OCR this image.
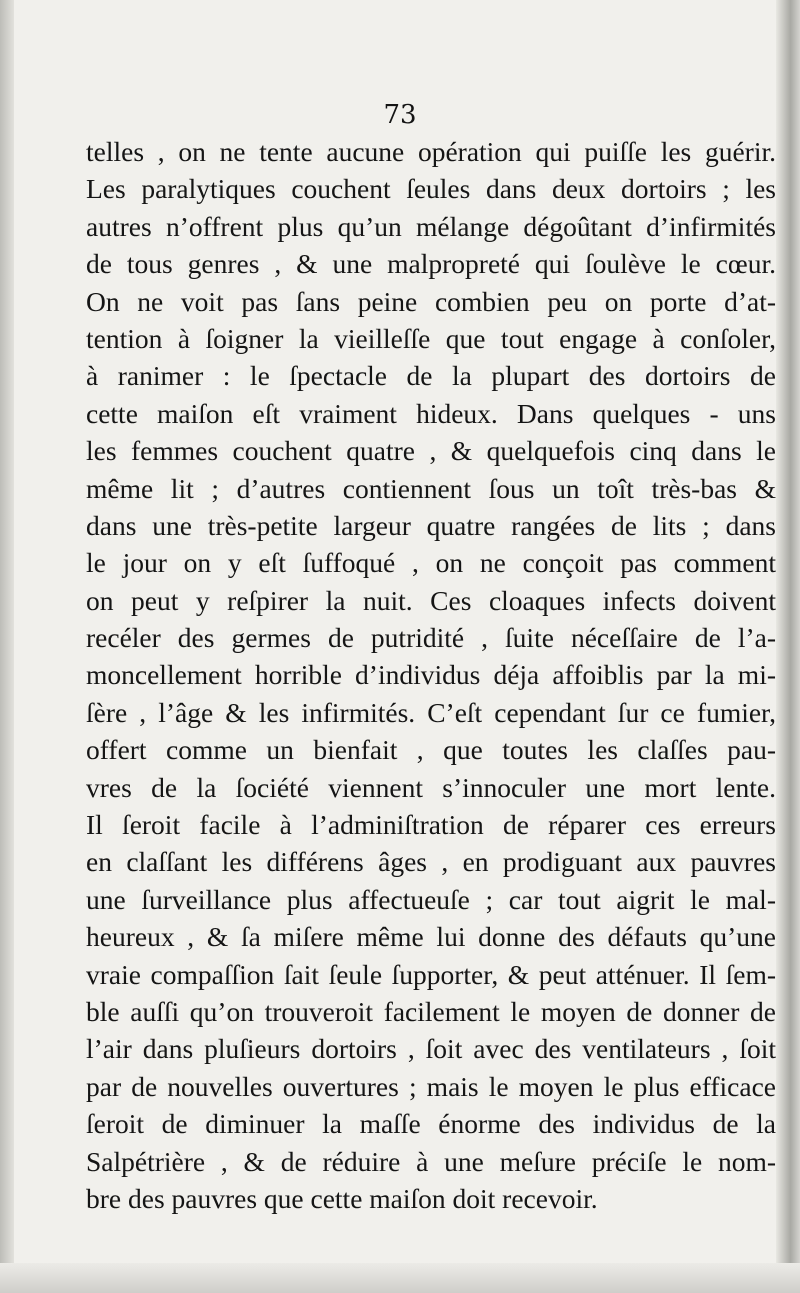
73
telles , on ne tente aucune opération qui puiſſe les guérir.
Les paralytiques couchent ſeules dans deux dortoirs ; les
autres n’offrent plus qu’un mélange dégoûtant d’infirmités
de tous genres , & une malpropreté qui ſoulève le cœur.
On ne voit pas ſans peine combien peu on porte d’at-
tention à ſoigner la vieilleſſe que tout engage à conſoler,
à ranimer : le ſpectacle de la plupart des dortoirs de
cette maiſon eſt vraiment hideux. Dans quelques - uns
les femmes couchent quatre , & quelquefois cinq dans le
même lit ; d’autres contiennent ſous un toît très-bas &
dans une très-petite largeur quatre rangées de lits ; dans
le jour on y eſt ſuffoqué , on ne conçoit pas comment
on peut y reſpirer la nuit. Ces cloaques infects doivent
recéler des germes de putridité , ſuite néceſſaire de l’a-
moncellement horrible d’individus déja affoiblis par la mi-
ſère , l’âge & les infirmités. C’eſt cependant ſur ce fumier,
offert comme un bienfait , que toutes les claſſes pau-
vres de la ſociété viennent s’innoculer une mort lente.
Il ſeroit facile à l’adminiſtration de réparer ces erreurs
en claſſant les différens âges , en prodiguant aux pauvres
une ſurveillance plus affectueuſe ; car tout aigrit le mal-
heureux , & ſa miſere même lui donne des défauts qu’une
vraie compaſſion ſait ſeule ſupporter, & peut atténuer. Il ſem-
ble auſſi qu’on trouveroit facilement le moyen de donner de
l’air dans pluſieurs dortoirs , ſoit avec des ventilateurs , ſoit
par de nouvelles ouvertures ; mais le moyen le plus efficace
ſeroit de diminuer la maſſe énorme des individus de la
Salpétrière , & de réduire à une meſure préciſe le nom-
bre des pauvres que cette maiſon doit recevoir.
